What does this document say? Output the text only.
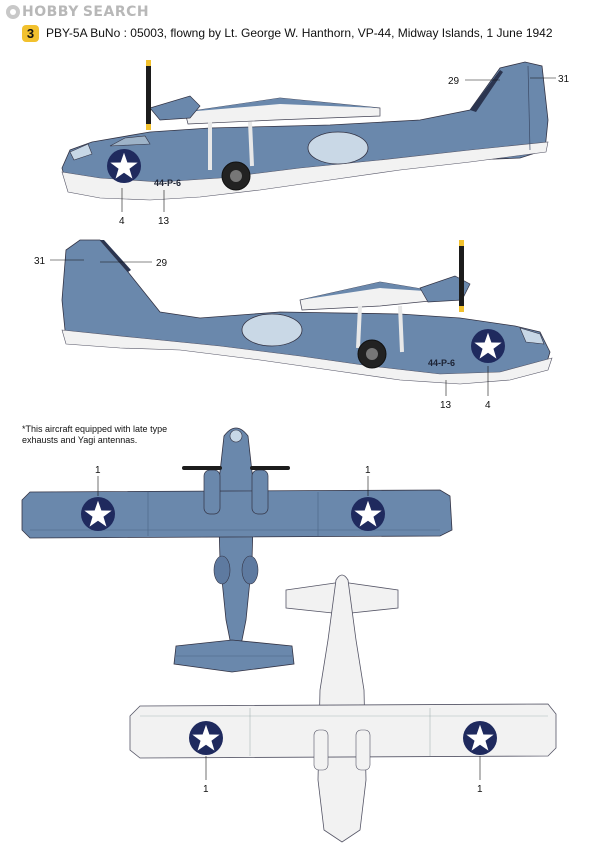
HOBBY SEARCH
3 PBY-5A BuNo : 05003, flowng by Lt. George W. Hanthorn, VP-44, Midway Islands, 1 June 1942
*This aircraft equipped with late type
exhausts and Yagi antennas.
44-P-6
29	31
4	13
44-P-6
31	29
13	4
1	1
1	1
